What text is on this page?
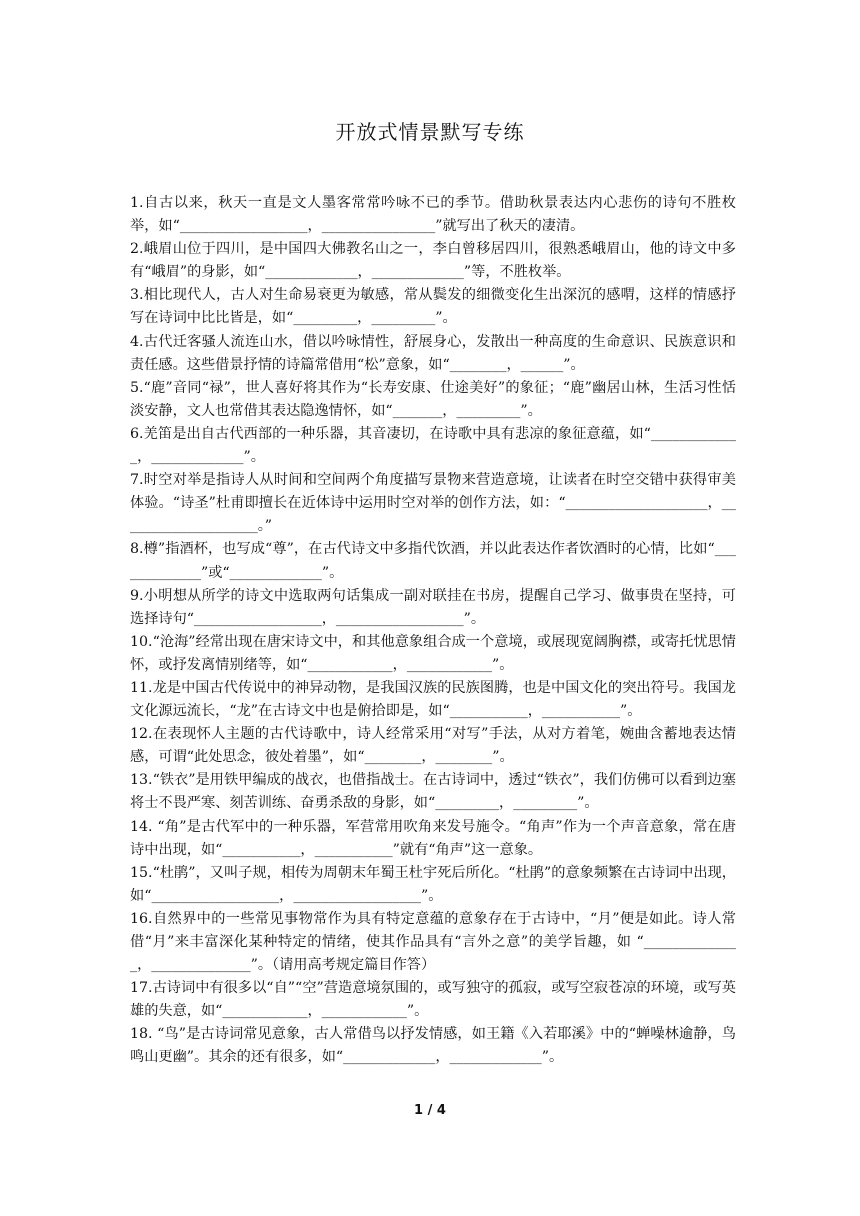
开放式情景默写专练

1.自古以来，秋天一直是文人墨客常常吟咏不已的季节。借助秋景表达内心悲伤的诗句不胜枚举，如“__________________，________________”就写出了秋天的凄清。

2.峨眉山位于四川，是中国四大佛教名山之一，李白曾移居四川，很熟悉峨眉山，他的诗文中多有“峨眉”的身影，如“_____________，_____________”等，不胜枚举。

3.相比现代人，古人对生命易衰更为敏感，常从鬓发的细微变化生出深沉的感喟，这样的情感抒写在诗词中比比皆是，如“_________，_________”。

4.古代迁客骚人流连山水，借以吟咏情性，舒展身心，发散出一种高度的生命意识、民族意识和责任感。这些借景抒情的诗篇常借用“松”意象，如“________，______”。

5.“鹿”音同“禄”，世人喜好将其作为“长寿安康、仕途美好”的象征；“鹿”幽居山林，生活习性恬淡安静，文人也常借其表达隐逸情怀，如“_______，_________”。

6.羌笛是出自古代西部的一种乐器，其音凄切，在诗歌中具有悲凉的象征意蕴，如“_____________，_____________”。

7.时空对举是指诗人从时间和空间两个角度描写景物来营造意境，让读者在时空交错中获得审美体验。“诗圣”杜甫即擅长在近体诗中运用时空对举的创作方法，如：“____________________，____________________。”

8.樽”指酒杯，也写成“尊”，在古代诗文中多指代饮酒，并以此表达作者饮酒时的心情，比如“_____________”或“_____________”。

9.小明想从所学的诗文中选取两句话集成一副对联挂在书房，提醒自己学习、做事贵在坚持，可选择诗句“__________________，__________________”。

10.“沧海”经常出现在唐宋诗文中，和其他意象组合成一个意境，或展现宽阔胸襟，或寄托忧思情怀，或抒发离情别绪等，如“____________，____________”。

11.龙是中国古代传说中的神异动物，是我国汉族的民族图腾，也是中国文化的突出符号。我国龙文化源远流长，“龙”在古诗文中也是俯拾即是，如“___________，___________”。

12.在表现怀人主题的古代诗歌中，诗人经常采用“对写”手法，从对方着笔，婉曲含蓄地表达情感，可谓“此处思念，彼处着墨”，如“________，________”。

13.“铁衣”是用铁甲编成的战衣，也借指战士。在古诗词中，透过“铁衣”，我们仿佛可以看到边塞将士不畏严寒、刻苦训练、奋勇杀敌的身影，如“_________，_________”。

14. “角”是古代军中的一种乐器，军营常用吹角来发号施令。“角声”作为一个声音意象，常在唐诗中出现，如“___________，___________”就有“角声”这一意象。

15.“杜鹃”，又叫子规，相传为周朝末年蜀王杜宇死后所化。“杜鹃”的意象频繁在古诗词中出现，如“__________________，__________________”。

16.自然界中的一些常见事物常作为具有特定意蕴的意象存在于古诗中，“月”便是如此。诗人常借“月”来丰富深化某种特定的情绪，使其作品具有“言外之意”的美学旨趣，如 “______________，______________”。（请用高考规定篇目作答）

17.古诗词中有很多以“自”“空”营造意境氛围的，或写独守的孤寂，或写空寂苍凉的环境，或写英雄的失意，如“____________，____________”。

18. “鸟”是古诗词常见意象，古人常借鸟以抒发情感，如王籍《入若耶溪》中的“蝉噪林逾静，鸟鸣山更幽”。其余的还有很多，如“_____________，_____________”。

1 / 4
